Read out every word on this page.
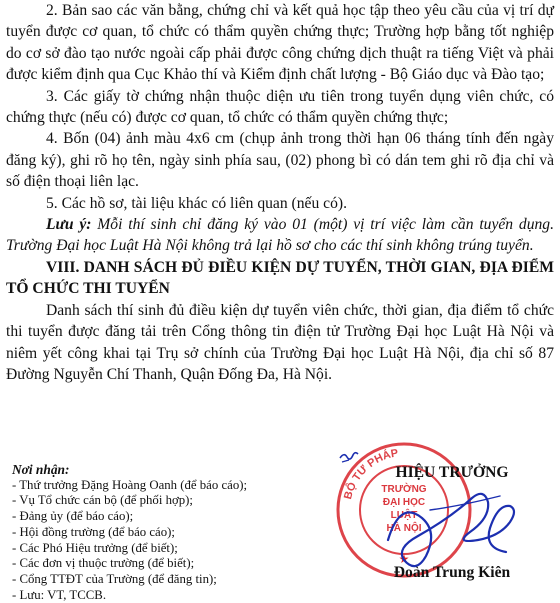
2. Bản sao các văn bằng, chứng chỉ và kết quả học tập theo yêu cầu của vị trí dự tuyển được cơ quan, tổ chức có thẩm quyền chứng thực; Trường hợp bằng tốt nghiệp do cơ sở đào tạo nước ngoài cấp phải được công chứng dịch thuật ra tiếng Việt và phải được kiểm định qua Cục Khảo thí và Kiểm định chất lượng - Bộ Giáo dục và Đào tạo;

3. Các giấy tờ chứng nhận thuộc diện ưu tiên trong tuyển dụng viên chức, có chứng thực (nếu có) được cơ quan, tổ chức có thẩm quyền chứng thực;

4. Bốn (04) ảnh màu 4x6 cm (chụp ảnh trong thời hạn 06 tháng tính đến ngày đăng ký), ghi rõ họ tên, ngày sinh phía sau, (02) phong bì có dán tem ghi rõ địa chỉ và số điện thoại liên lạc.

5. Các hồ sơ, tài liệu khác có liên quan (nếu có).

Lưu ý: Mỗi thí sinh chỉ đăng ký vào 01 (một) vị trí việc làm cần tuyển dụng. Trường Đại học Luật Hà Nội không trả lại hồ sơ cho các thí sinh không trúng tuyển.

VIII. DANH SÁCH ĐỦ ĐIỀU KIỆN DỰ TUYỂN, THỜI GIAN, ĐỊA ĐIỂM TỔ CHỨC THI TUYỂN

Danh sách thí sinh đủ điều kiện dự tuyển viên chức, thời gian, địa điểm tổ chức thi tuyển được đăng tải trên Cổng thông tin điện tử Trường Đại học Luật Hà Nội và niêm yết công khai tại Trụ sở chính của Trường Đại học Luật Hà Nội, địa chỉ số 87 Đường Nguyễn Chí Thanh, Quận Đống Đa, Hà Nội.

Nơi nhận:
- Thứ trưởng Đặng Hoàng Oanh (để báo cáo);
- Vụ Tổ chức cán bộ (để phối hợp);
- Đảng ủy (để báo cáo);
- Hội đồng trường (để báo cáo);
- Các Phó Hiệu trưởng (để biết);
- Các đơn vị thuộc trường (để biết);
- Cổng TTĐT của Trường (để đăng tin);
- Lưu: VT, TCCB.
BỘ TƯ PHÁP
TRƯỜNG
ĐẠI HỌC
LUẬT
HÀ NỘI
★
HIỆU TRƯỞNG
Đoàn Trung Kiên
